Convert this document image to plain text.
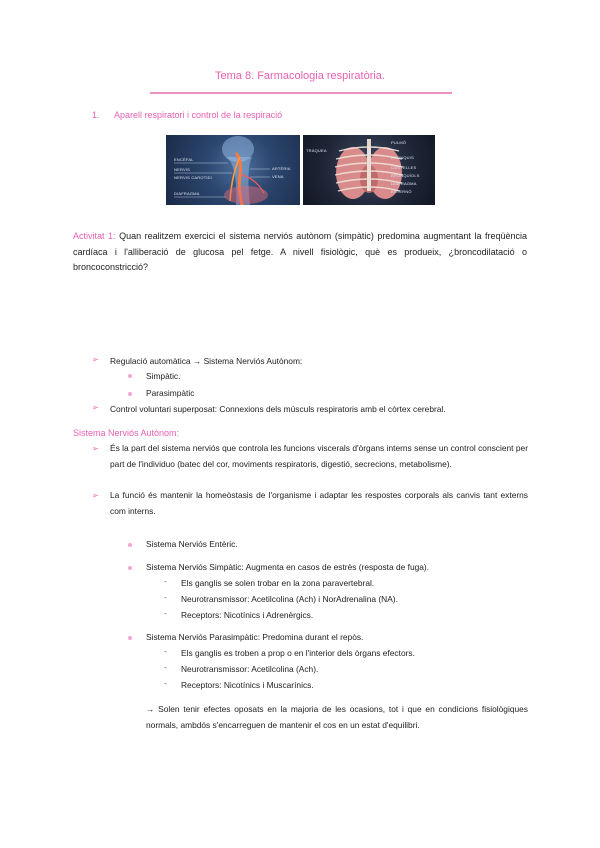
Tema 8. Farmacologia respiratòria.
1. Aparell respiratori i control de la respiració
ENCÈFAL
NERVIS
NERVIS CAROTIDI
DIAFRAGMA
ARTÈRIA
VENA
TRÀQUEA
PULMÓ
BRONQUIS
COSTELLES
BRONQUÍOLS
DIAFRAGMA
ESTERNÓ
Activitat 1: Quan realitzem exercici el sistema nerviós autònom (simpàtic) predomina augmentant la freqüència cardíaca i l'alliberació de glucosa pel fetge. A nivell fisiològic, què es produeix, ¿broncodilatació o broncoconstricció?
➢ Regulació automàtica → Sistema Nerviós Autònom:
Simpàtic.
Parasimpàtic
➢ Control voluntari superposat: Connexions dels músculs respiratoris amb el còrtex cerebral.
Sistema Nerviós Autònom:
➢ És la part del sistema nerviós que controla les funcions viscerals d'òrgans interns sense un control conscient per part de l'individuo (batec del cor, moviments respiratoris, digestió, secrecions, metabolisme).
➢ La funció és mantenir la homeòstasis de l'organisme i adaptar les respostes corporals als canvis tant externs com interns.
Sistema Nerviós Entèric.
Sistema Nerviós Simpàtic: Augmenta en casos de estrès (resposta de fuga).
- Els ganglis se solen trobar en la zona paravertebral.
- Neurotransmissor: Acetilcolina (Ach) i NorAdrenalina (NA).
- Receptors: Nicotínics i Adrenèrgics.
Sistema Nerviós Parasimpàtic: Predomina durant el repòs.
- Els ganglis es troben a prop o en l'interior dels òrgans efectors.
- Neurotransmissor: Acetilcolina (Ach).
- Receptors: Nicotínics i Muscarínics.
→ Solen tenir efectes oposats en la majoria de les ocasions, tot i que en condicions fisiològiques normals, ambdós s'encarreguen de mantenir el cos en un estat d'equilibri.
